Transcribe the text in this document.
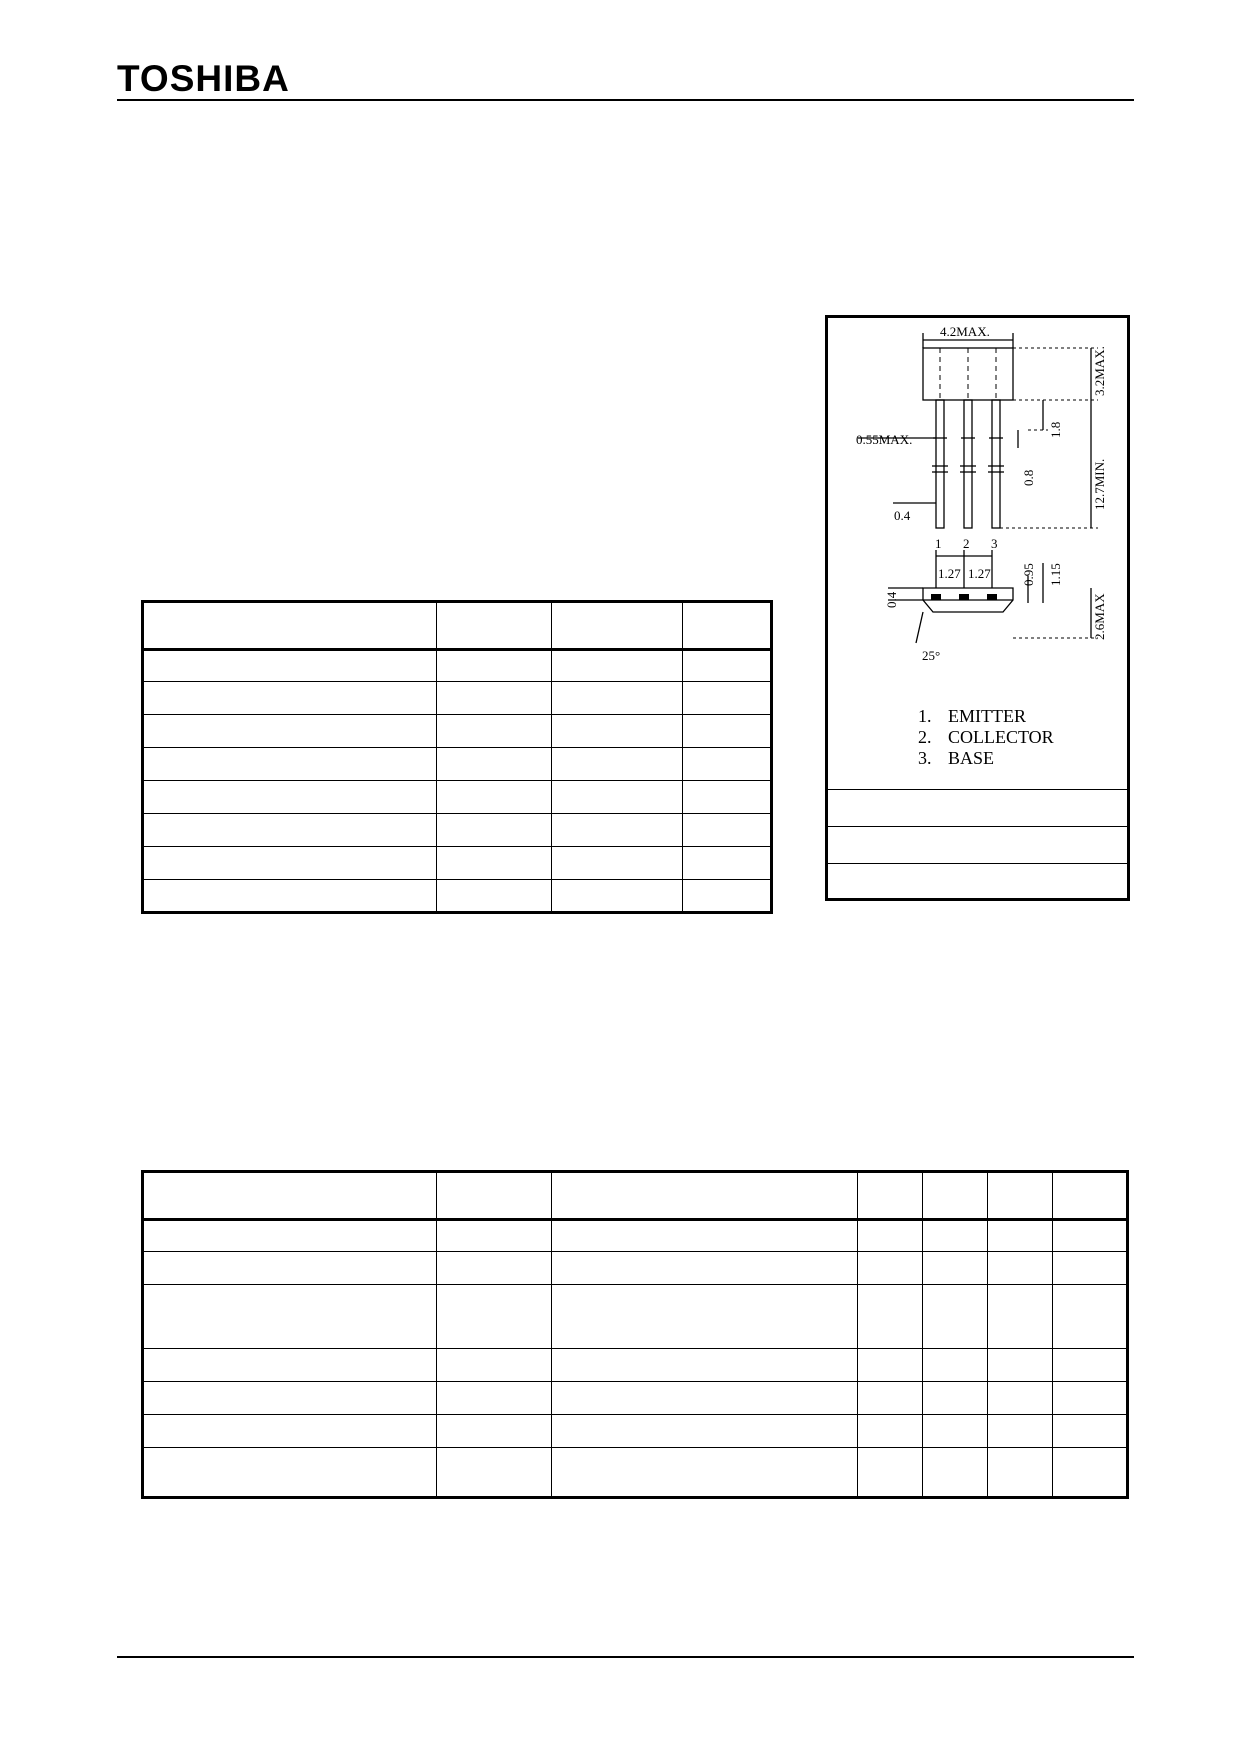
TOSHIBA

4.2MAX.
3.2MAX.
0.55MAX.
1.8
0.8	12.7MIN.
0.4
1 2 3
1.27 1.27 0.95 1.15
0.4	2.6MAX
25°
1. EMITTER
2. COLLECTOR
3. BASE
